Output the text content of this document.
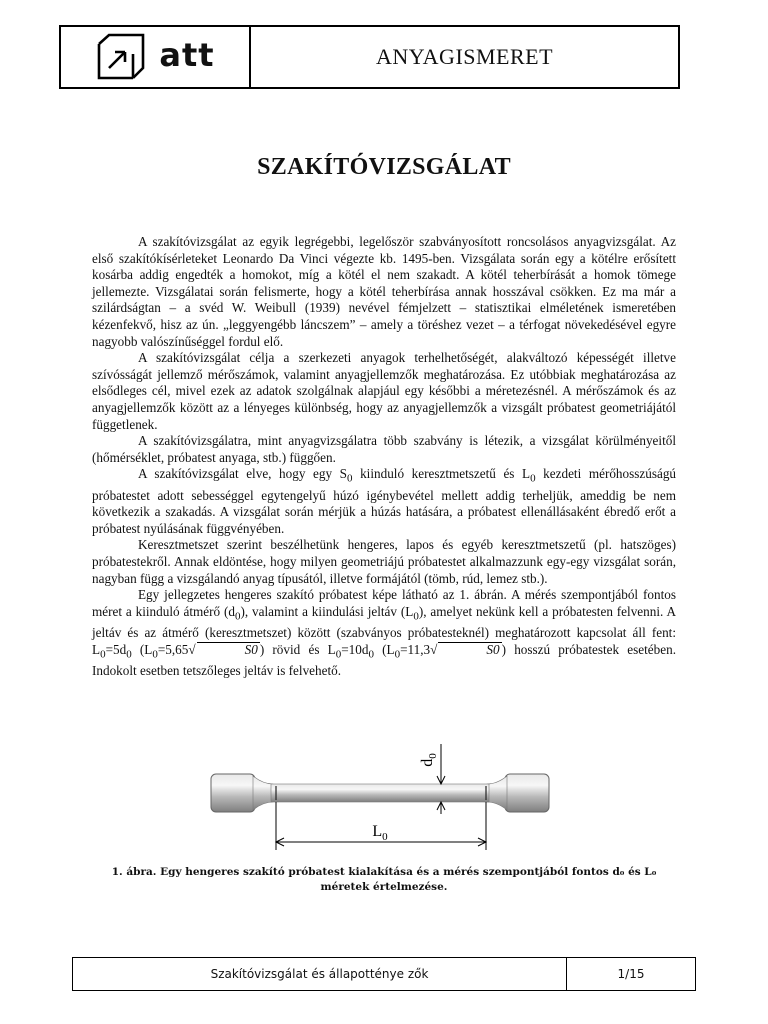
att	ANYAGISMERET
SZAKÍTÓVIZSGÁLAT

A szakítóvizsgálat az egyik legrégebbi, legelőször szabványosított roncsolásos anyagvizsgálat. Az első szakítókísérleteket Leonardo Da Vinci végezte kb. 1495-ben. Vizsgálata során egy a kötélre erősített kosárba addig engedték a homokot, míg a kötél el nem szakadt. A kötél teherbírását a homok tömege jellemezte. Vizsgálatai során felismerte, hogy a kötél teherbírása annak hosszával csökken. Ez ma már a szilárdságtan – a svéd W. Weibull (1939) nevével fémjelzett – statisztikai elméletének ismeretében kézenfekvő, hisz az ún. „leggyengébb láncszem” – amely a töréshez vezet – a térfogat növekedésével egyre nagyobb valószínűséggel fordul elő.

A szakítóvizsgálat célja a szerkezeti anyagok terhelhetőségét, alakváltozó képességét illetve szívósságát jellemző mérőszámok, valamint anyagjellemzők meghatározása. Ez utóbbiak meghatározása az elsődleges cél, mivel ezek az adatok szolgálnak alapjául egy későbbi a méretezésnél. A mérőszámok és az anyagjellemzők között az a lényeges különbség, hogy az anyagjellemzők a vizsgált próbatest geometriájától függetlenek.

A szakítóvizsgálatra, mint anyagvizsgálatra több szabvány is létezik, a vizsgálat körülményeitől (hőmérséklet, próbatest anyaga, stb.) függően.

A szakítóvizsgálat elve, hogy egy $S_0$ kiinduló keresztmetszetű és $L_0$ kezdeti mérőhosszúságú próbatestet adott sebességgel egytengelyű húzó igénybevétel mellett addig terheljük, ameddig be nem következik a szakadás. A vizsgálat során mérjük a húzás hatására, a próbatest ellenállásaként ébredő erőt a próbatest nyúlásának függvényében.

Keresztmetszet szerint beszélhetünk hengeres, lapos és egyéb keresztmetszetű (pl. hatszöges) próbatestekről. Annak eldöntése, hogy milyen geometriájú próbatestet alkalmazzunk egy-egy vizsgálat során, nagyban függ a vizsgálandó anyag típusától, illetve formájától (tömb, rúd, lemez stb.).

Egy jellegzetes hengeres szakító próbatest képe látható az 1. ábrán. A mérés szempontjából fontos méret a kiinduló átmérő $(d_0)$, valamint a kiindulási jeltáv $(L_0)$, amelyet nekünk kell a próbatesten felvenni. A jeltáv és az átmérő (keresztmetszet) között (szabványos próbatesteknél) meghatározott kapcsolat áll fent: $L_0=5d_0$ ($L_0=5,65√$	S0 ) rövid és $L_0=10d_0$ ($L_0=11,3√$	S0 ) hosszú próbatestek esetében. Indokolt esetben tetszőleges jeltáv is felvehető.

$d_0$
$L_0$
1. ábra. Egy hengeres szakító próbatest kialakítása és a mérés szempontjából fontos d₀ és L₀ méretek értelmezése.
Szakítóvizsgálat és állapotténye zők	1/15
